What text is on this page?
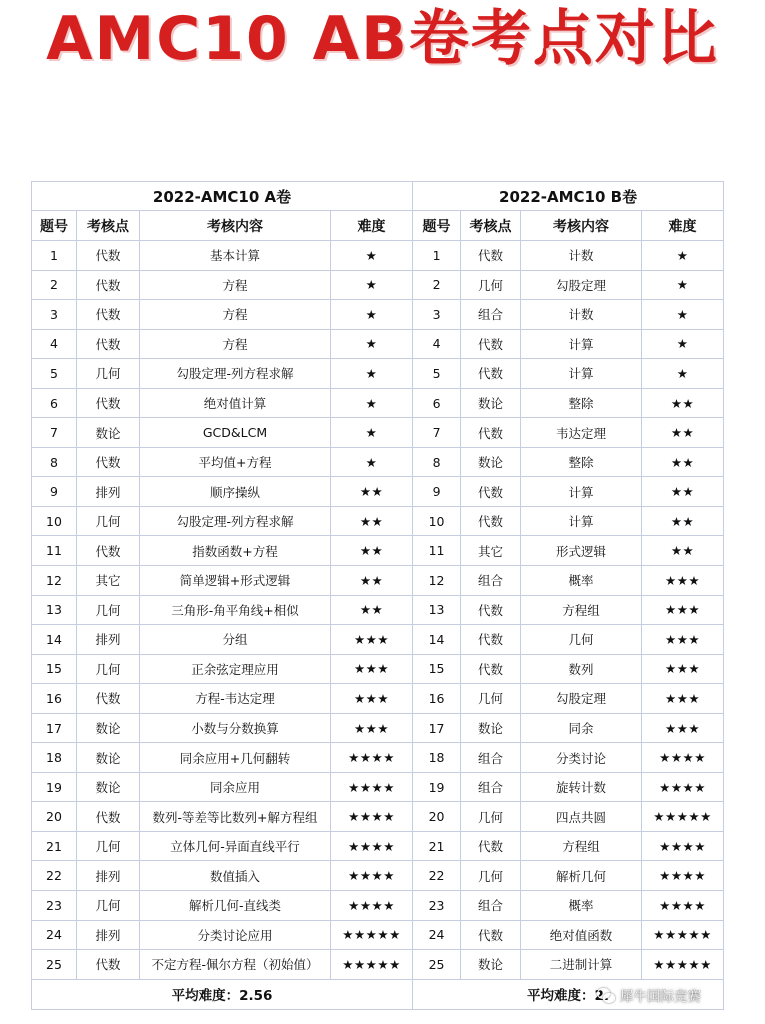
AMC10 AB卷考点对比
2022-AMC10 A卷				2022-AMC10 B卷			
题号	考核点	考核内容	难度	题号	考核点	考核内容	难度
1	代数	基本计算	★	1	代数	计数	★
2	代数	方程	★	2	几何	勾股定理	★
3	代数	方程	★	3	组合	计数	★
4	代数	方程	★	4	代数	计算	★
5	几何	勾股定理-列方程求解	★	5	代数	计算	★
6	代数	绝对值计算	★	6	数论	整除	★★
7	数论	GCD&LCM	★	7	代数	韦达定理	★★
8	代数	平均值+方程	★	8	数论	整除	★★
9	排列	顺序操纵	★★	9	代数	计算	★★
10	几何	勾股定理-列方程求解	★★	10	代数	计算	★★
11	代数	指数函数+方程	★★	11	其它	形式逻辑	★★
12	其它	简单逻辑+形式逻辑	★★	12	组合	概率	★★★
13	几何	三角形-角平角线+相似	★★	13	代数	方程组	★★★
14	排列	分组	★★★	14	代数	几何	★★★
15	几何	正余弦定理应用	★★★	15	代数	数列	★★★
16	代数	方程-韦达定理	★★★	16	几何	勾股定理	★★★
17	数论	小数与分数换算	★★★	17	数论	同余	★★★
18	数论	同余应用+几何翻转	★★★★	18	组合	分类讨论	★★★★
19	数论	同余应用	★★★★	19	组合	旋转计数	★★★★
20	代数	数列-等差等比数列+解方程组	★★★★	20	几何	四点共圆	★★★★★
21	几何	立体几何-异面直线平行	★★★★	21	代数	方程组	★★★★
22	排列	数值插入	★★★★	22	几何	解析几何	★★★★
23	几何	解析几何-直线类	★★★★	23	组合	概率	★★★★
24	排列	分类讨论应用	★★★★★	24	代数	绝对值函数	★★★★★
25	代数	不定方程-佩尔方程（初始值）	★★★★★	25	数论	二进制计算	★★★★★
平均难度：2.56				平均难度：2.			犀牛国际竞赛
